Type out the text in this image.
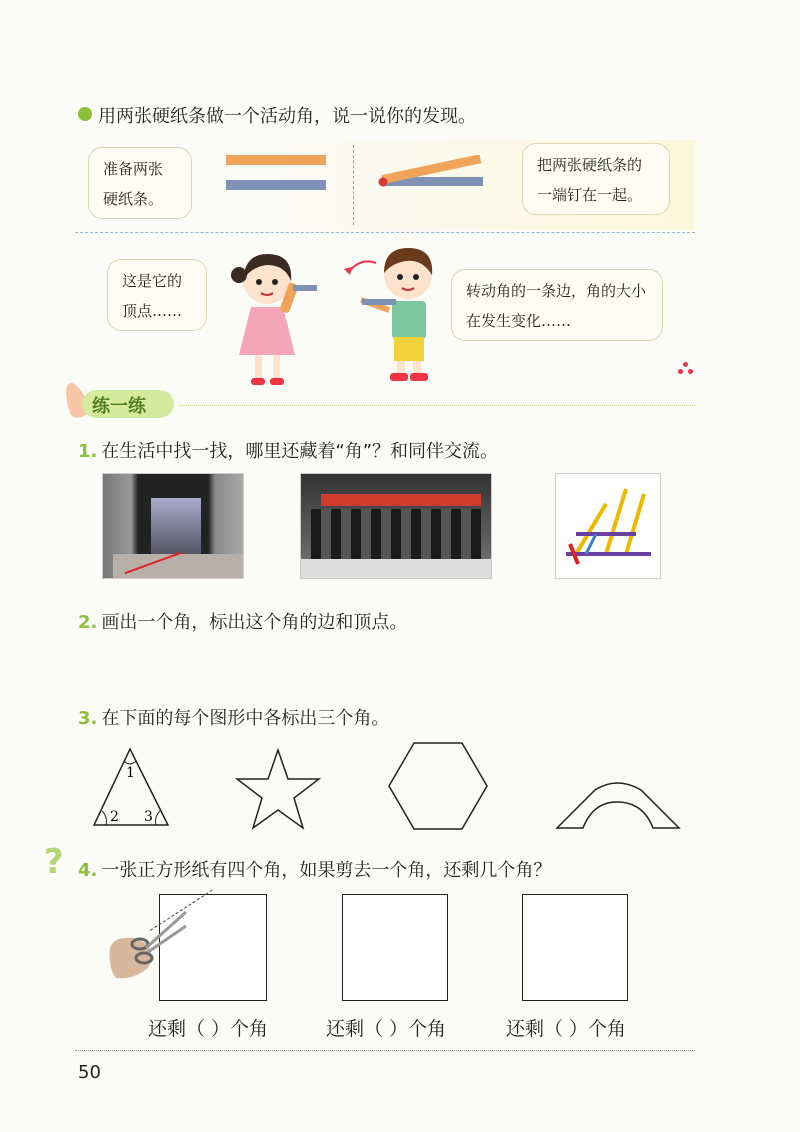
用两张硬纸条做一个活动角，说一说你的发现。
准备两张硬纸条。
把两张硬纸条的一端钉在一起。
这是它的顶点……
转动角的一条边，角的大小在发生变化……
练一练
1. 在生活中找一找，哪里还藏着“角”？和同伴交流。
2. 画出一个角，标出这个角的边和顶点。
3. 在下面的每个图形中各标出三个角。
1
2 3
? 4. 一张正方形纸有四个角，如果剪去一个角，还剩几个角？
还剩（ ）个角	还剩（ ）个角	还剩（ ）个角
50
